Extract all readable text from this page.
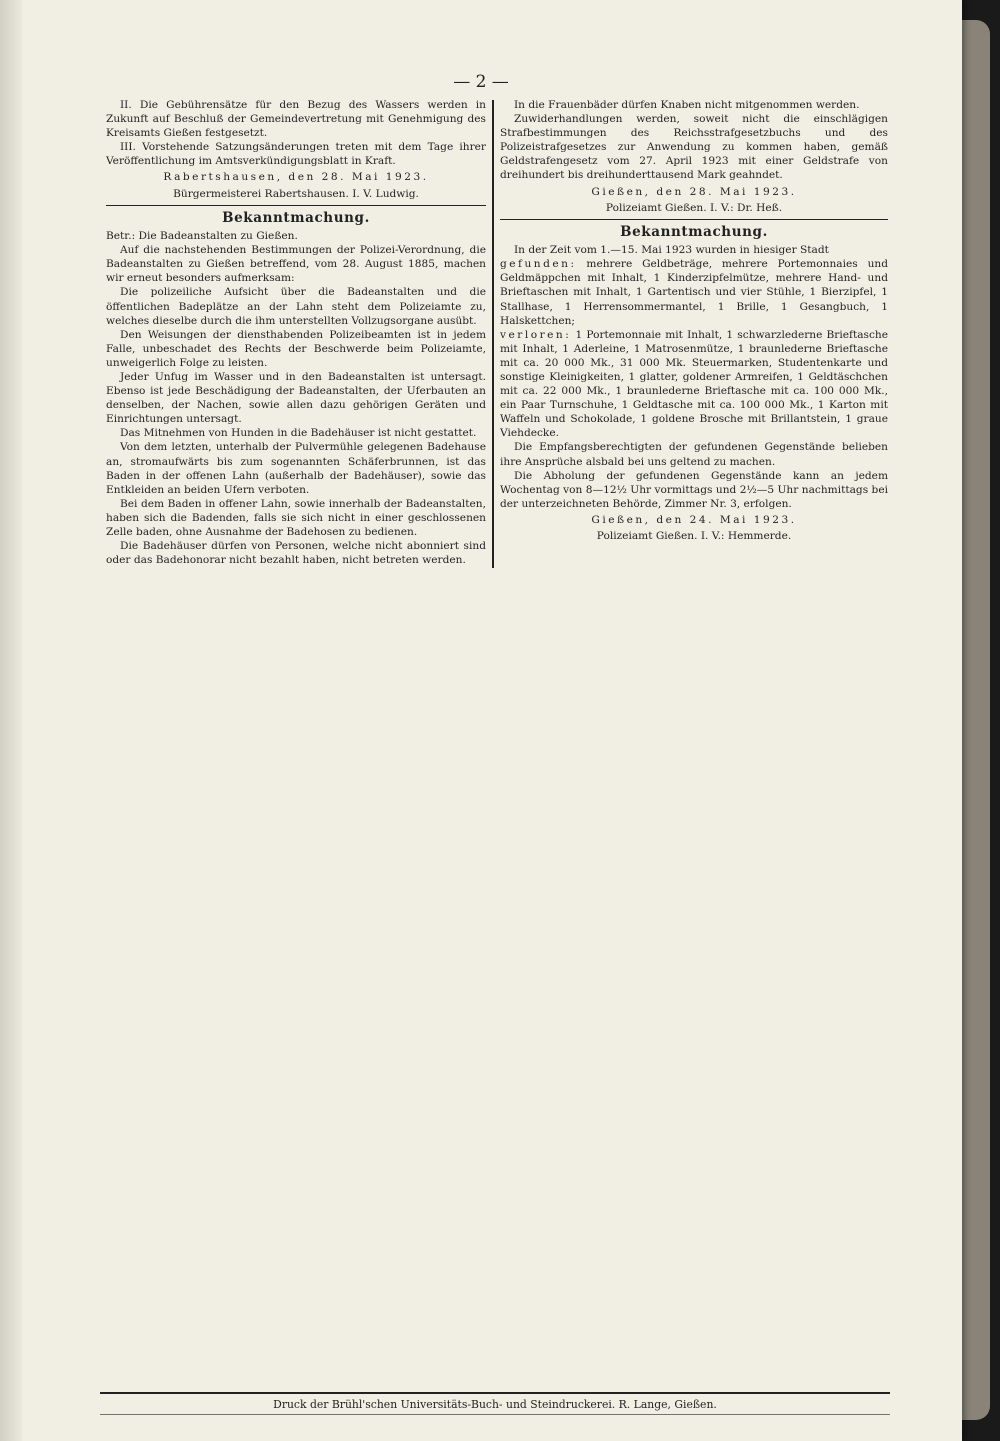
— 2 —

II. Die Gebührensätze für den Bezug des Wassers werden in Zukunft auf Beschluß der Gemeindevertretung mit Genehmigung des Kreisamts Gießen festgesetzt.

III. Vorstehende Satzungsänderungen treten mit dem Tage ihrer Veröffentlichung im Amtsverkündigungsblatt in Kraft.

Rabertshausen, den 28. Mai 1923.

Bürgermeisterei Rabertshausen. I. V. Ludwig.

Bekanntmachung.

Betr.: Die Badeanstalten zu Gießen.

Auf die nachstehenden Bestimmungen der Polizei-Verordnung, die Badeanstalten zu Gießen betreffend, vom 28. August 1885, machen wir erneut besonders aufmerksam:

Die polizeiliche Aufsicht über die Badeanstalten und die öffentlichen Badeplätze an der Lahn steht dem Polizeiamte zu, welches dieselbe durch die ihm unterstellten Vollzugsorgane ausübt.

Den Weisungen der diensthabenden Polizeibeamten ist in jedem Falle, unbeschadet des Rechts der Beschwerde beim Polizeiamte, unweigerlich Folge zu leisten.

Jeder Unfug im Wasser und in den Badeanstalten ist untersagt. Ebenso ist jede Beschädigung der Badeanstalten, der Uferbauten an denselben, der Nachen, sowie allen dazu gehörigen Geräten und Einrichtungen untersagt.

Das Mitnehmen von Hunden in die Badehäuser ist nicht gestattet.

Von dem letzten, unterhalb der Pulvermühle gelegenen Badehause an, stromaufwärts bis zum sogenannten Schäferbrunnen, ist das Baden in der offenen Lahn (außerhalb der Badehäuser), sowie das Entkleiden an beiden Ufern verboten.

Bei dem Baden in offener Lahn, sowie innerhalb der Badeanstalten, haben sich die Badenden, falls sie sich nicht in einer geschlossenen Zelle baden, ohne Ausnahme der Badehosen zu bedienen.

Die Badehäuser dürfen von Personen, welche nicht abonniert sind oder das Badehonorar nicht bezahlt haben, nicht betreten werden.

In die Frauenbäder dürfen Knaben nicht mitgenommen werden.

Zuwiderhandlungen werden, soweit nicht die einschlägigen Strafbestimmungen des Reichsstrafgesetzbuchs und des Polizeistrafgesetzes zur Anwendung zu kommen haben, gemäß Geldstrafengesetz vom 27. April 1923 mit einer Geldstrafe von dreihundert bis dreihunderttausend Mark geahndet.

Gießen, den 28. Mai 1923.

Polizeiamt Gießen. I. V.: Dr. Heß.

Bekanntmachung.

In der Zeit vom 1.—15. Mai 1923 wurden in hiesiger Stadt

gefunden: mehrere Geldbeträge, mehrere Portemonnaies und Geldmäppchen mit Inhalt, 1 Kinderzipfelmütze, mehrere Hand- und Brieftaschen mit Inhalt, 1 Gartentisch und vier Stühle, 1 Bierzipfel, 1 Stallhase, 1 Herrensommermantel, 1 Brille, 1 Gesangbuch, 1 Halskettchen;

verloren: 1 Portemonnaie mit Inhalt, 1 schwarzlederne Brieftasche mit Inhalt, 1 Aderleine, 1 Matrosenmütze, 1 braunlederne Brieftasche mit ca. 20 000 Mk., 31 000 Mk. Steuermarken, Studentenkarte und sonstige Kleinigkeiten, 1 glatter, goldener Armreifen, 1 Geldtäschchen mit ca. 22 000 Mk., 1 braunlederne Brieftasche mit ca. 100 000 Mk., ein Paar Turnschuhe, 1 Geldtasche mit ca. 100 000 Mk., 1 Karton mit Waffeln und Schokolade, 1 goldene Brosche mit Brillantstein, 1 graue Viehdecke.

Die Empfangsberechtigten der gefundenen Gegenstände belieben ihre Ansprüche alsbald bei uns geltend zu machen.

Die Abholung der gefundenen Gegenstände kann an jedem Wochentag von 8—12½ Uhr vormittags und 2½—5 Uhr nachmittags bei der unterzeichneten Behörde, Zimmer Nr. 3, erfolgen.

Gießen, den 24. Mai 1923.

Polizeiamt Gießen. I. V.: Hemmerde.

Druck der Brühl'schen Universitäts-Buch- und Steindruckerei. R. Lange, Gießen.
